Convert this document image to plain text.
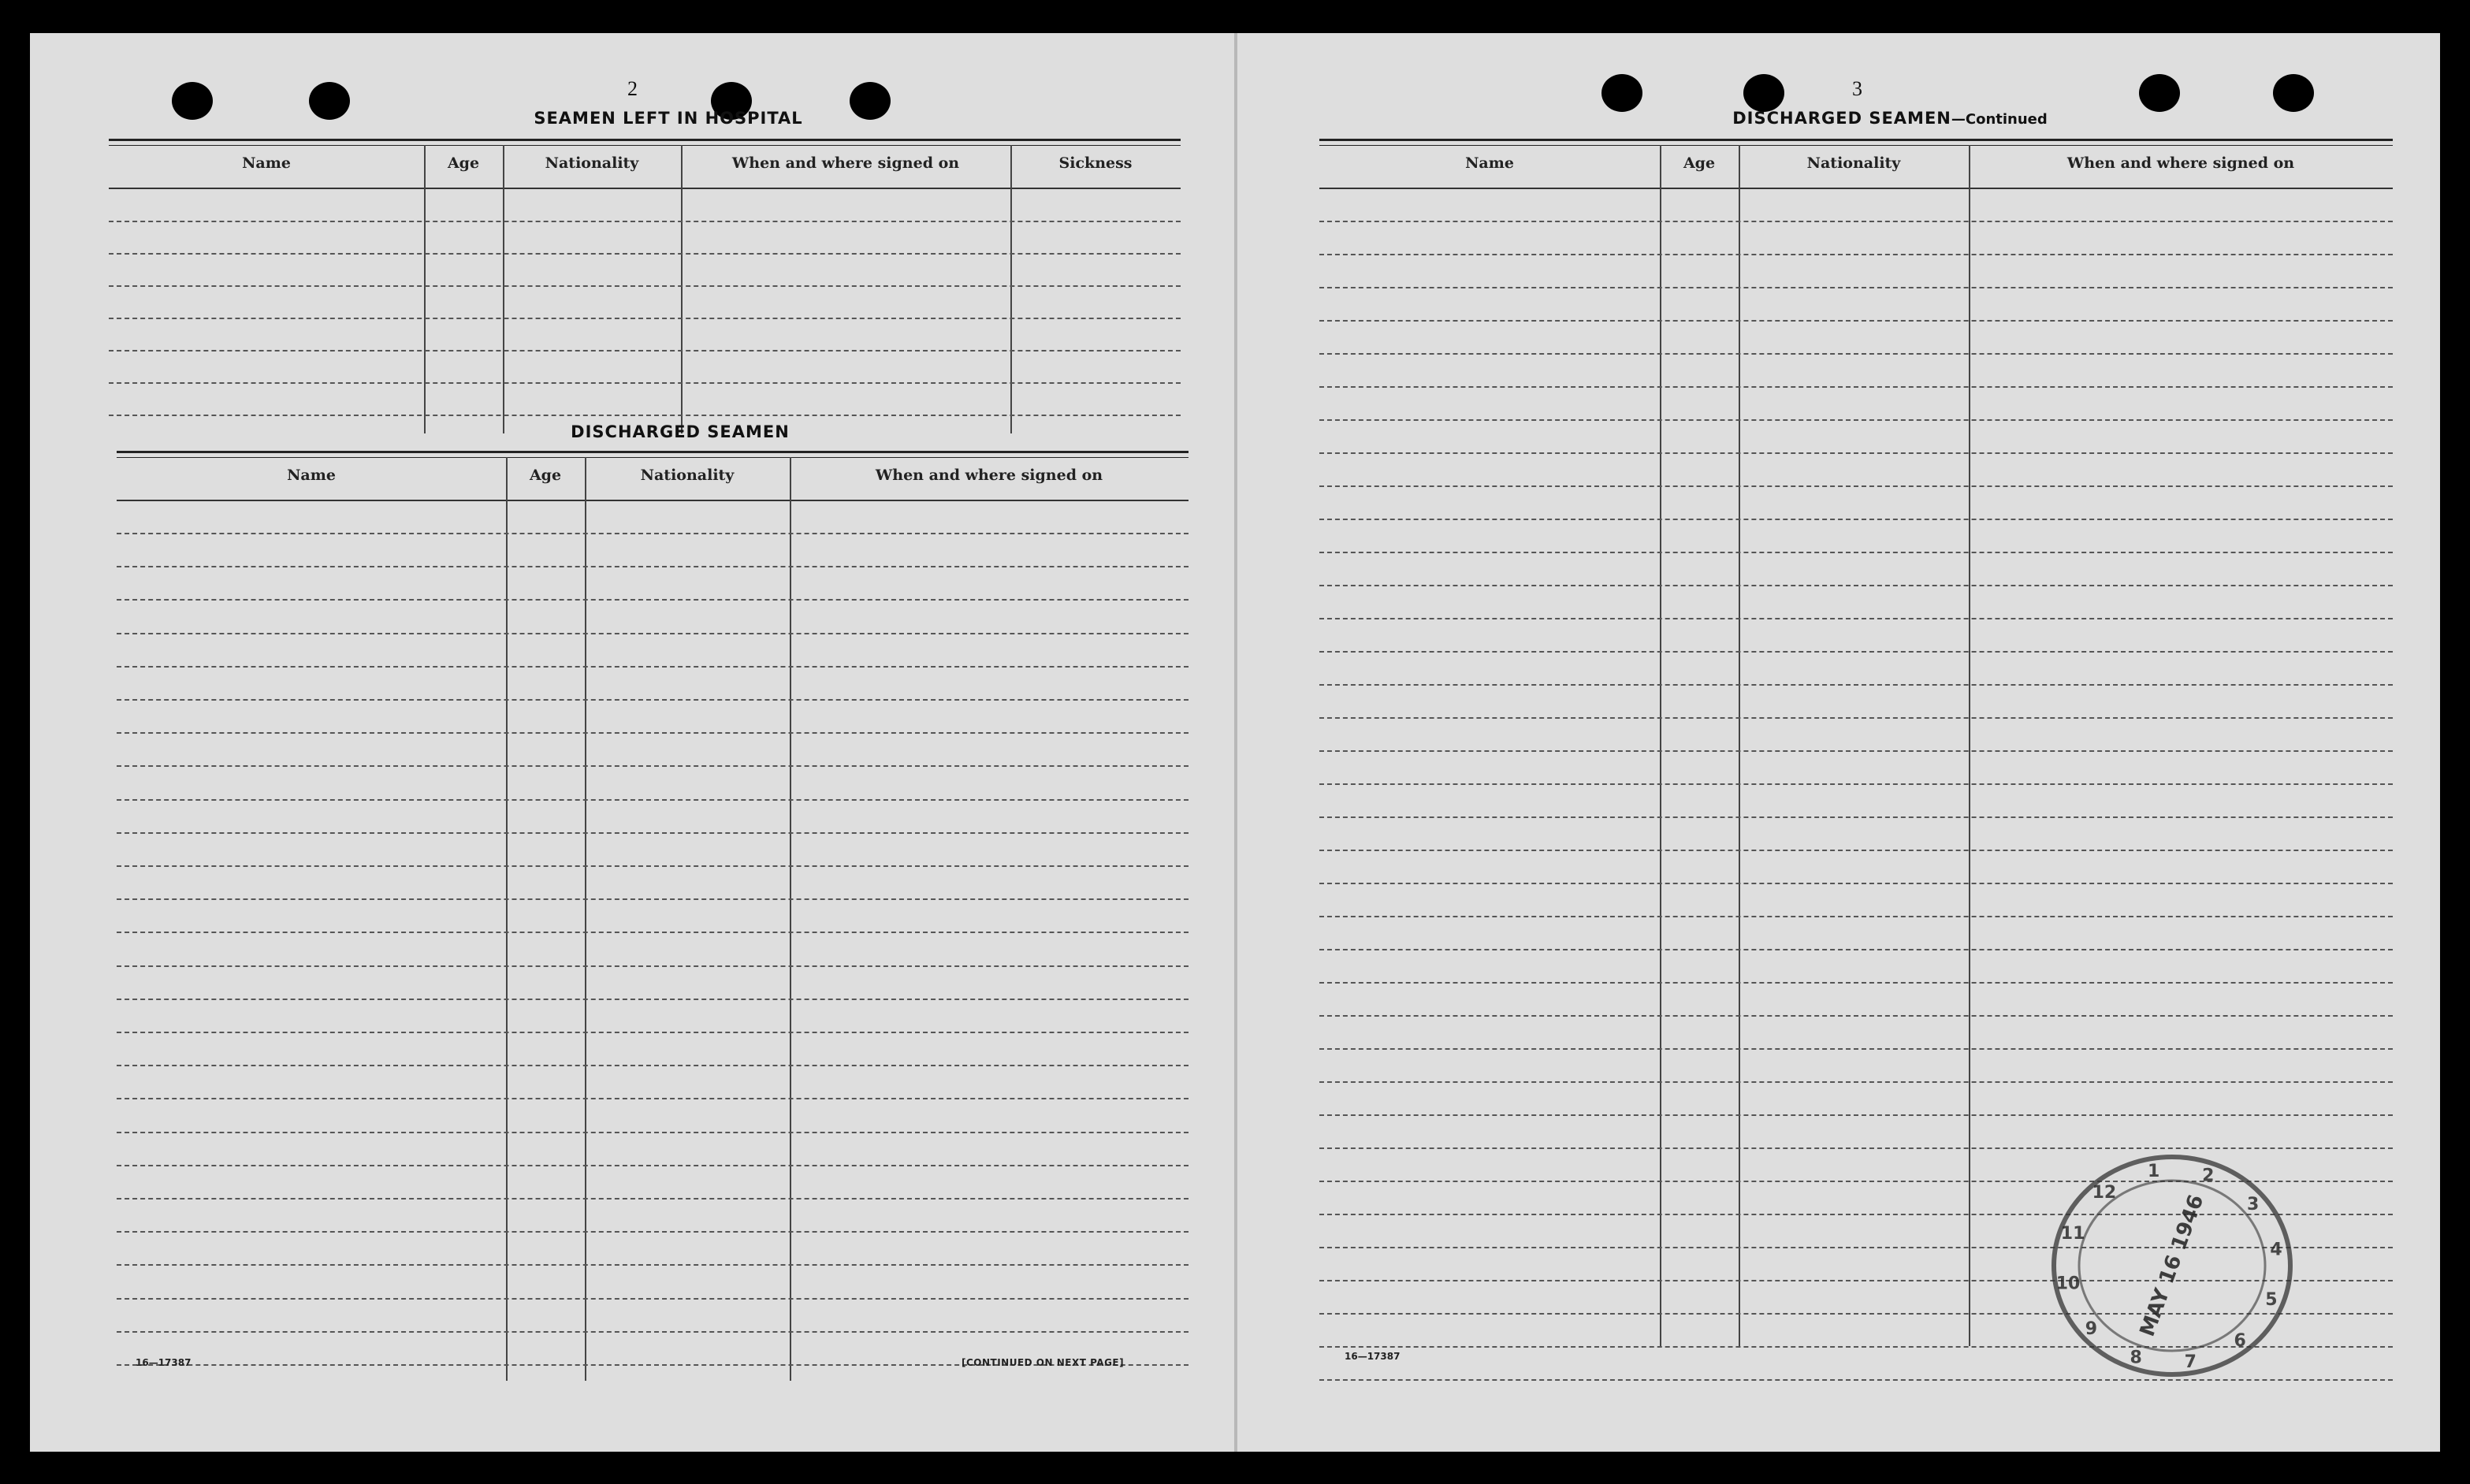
2
SEAMEN LEFT IN HOSPITAL
Name	Age	Nationality	When and where signed on	Sickness
DISCHARGED SEAMEN
Name	Age	Nationality	When and where signed on
16—17387	[CONTINUED ON NEXT PAGE]
3
DISCHARGED SEAMEN—Continued
Name	Age	Nationality	When and where signed on
16—17387
1 2
3
4
5
6
7
8
9
10
11
12 MAY 16 1946
